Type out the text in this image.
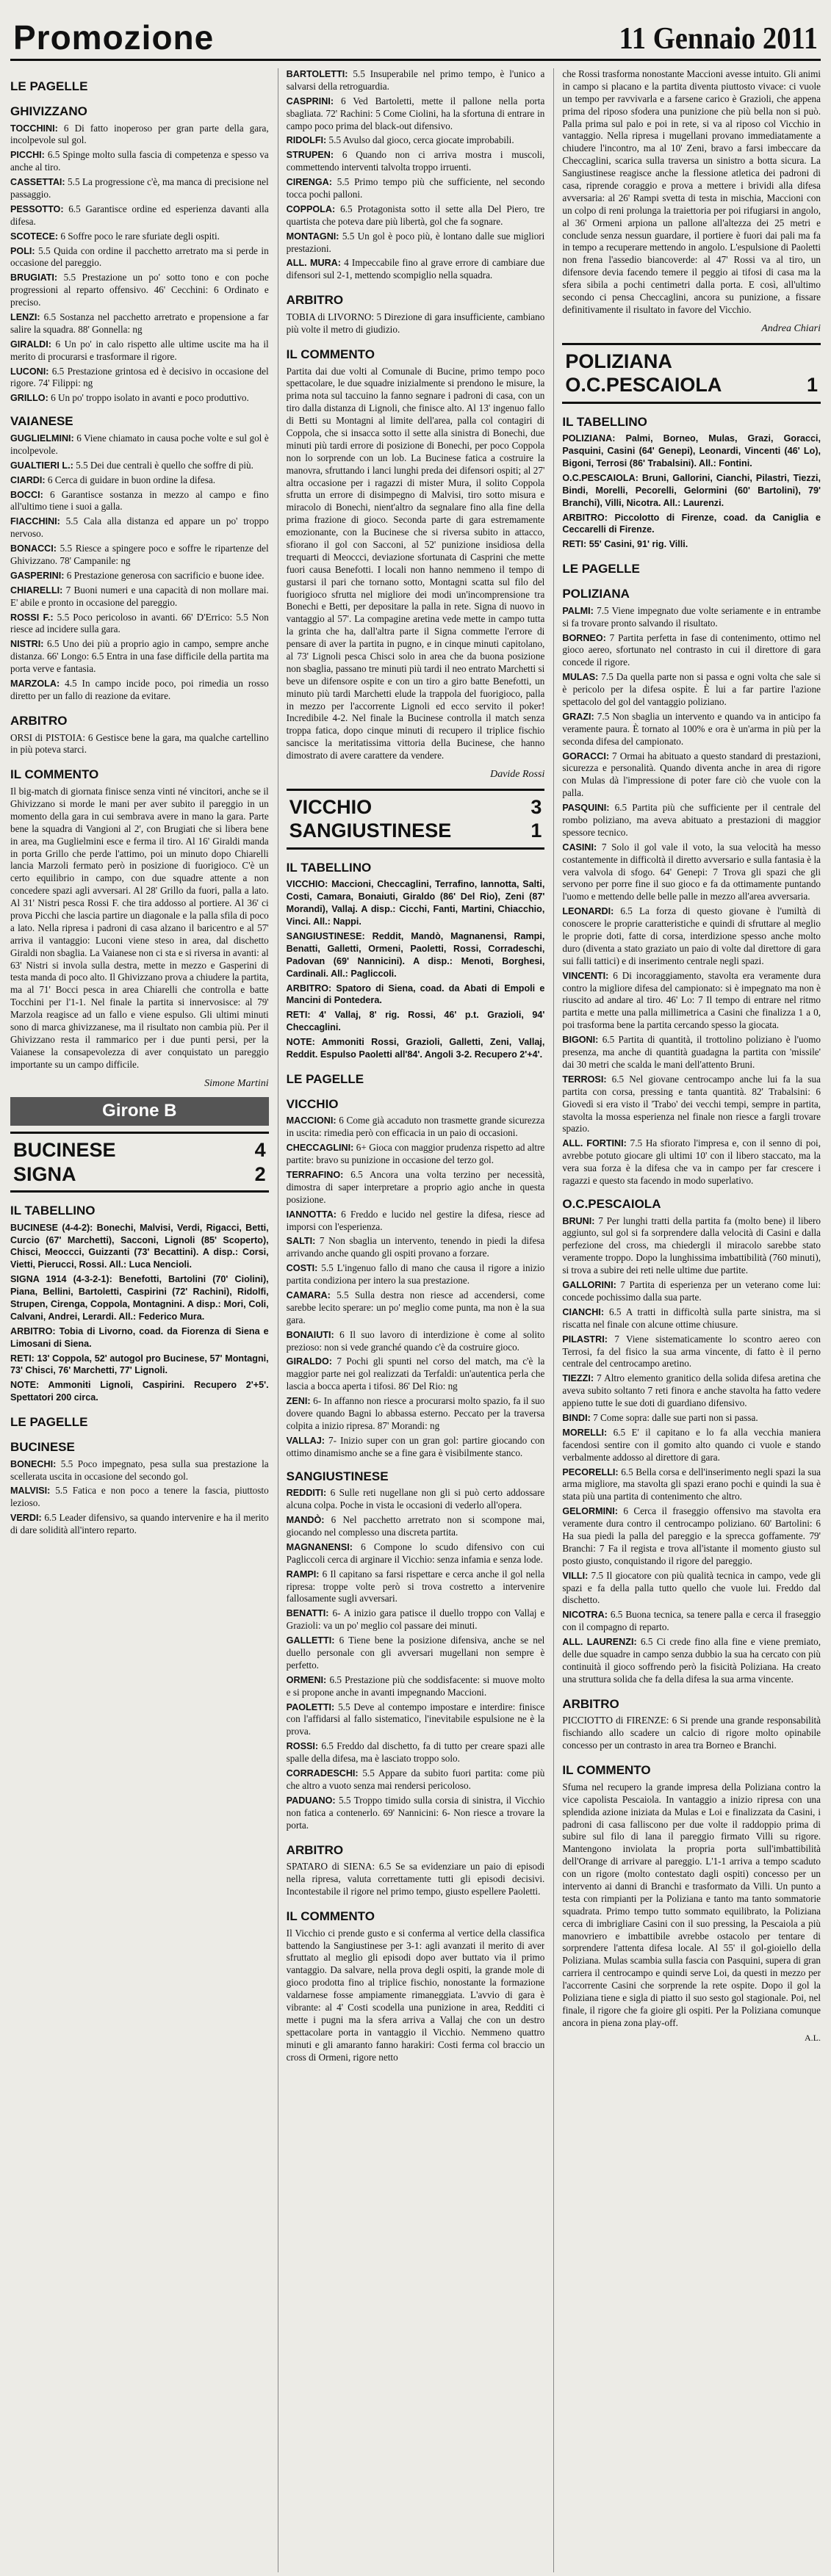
Promozione	11 Gennaio 2011
LE PAGELLE
GHIVIZZANO

TOCCHINI: 6 Di fatto inoperoso per gran parte della gara, incolpevole sul gol.

PICCHI: 6.5 Spinge molto sulla fascia di competenza e spesso va anche al tiro.

CASSETTAI: 5.5 La progressione c'è, ma manca di precisione nel passaggio.

PESSOTTO: 6.5 Garantisce ordine ed esperienza davanti alla difesa.

SCOTECE: 6 Soffre poco le rare sfuriate degli ospiti.

POLI: 5.5 Quida con ordine il pacchetto arretrato ma si perde in occasione del pareggio.

BRUGIATI: 5.5 Prestazione un po' sotto tono e con poche progressioni al reparto offensivo. 46' Cecchini: 6 Ordinato e preciso.

LENZI: 6.5 Sostanza nel pacchetto arretrato e propensione a far salire la squadra. 88' Gonnella: ng

GIRALDI: 6 Un po' in calo rispetto alle ultime uscite ma ha il merito di procurarsi e trasformare il rigore.

LUCONI: 6.5 Prestazione grintosa ed è decisivo in occasione del rigore. 74' Filippi: ng

GRILLO: 6 Un po' troppo isolato in avanti e poco produttivo.

VAIANESE

GUGLIELMINI: 6 Viene chiamato in causa poche volte e sul gol è incolpevole.

GUALTIERI L.: 5.5 Dei due centrali è quello che soffre di più.

CIARDI: 6 Cerca di guidare in buon ordine la difesa.

BOCCI: 6 Garantisce sostanza in mezzo al campo e fino all'ultimo tiene i suoi a galla.

FIACCHINI: 5.5 Cala alla distanza ed appare un po' troppo nervoso.

BONACCI: 5.5 Riesce a spingere poco e soffre le ripartenze del Ghivizzano. 78' Campanile: ng

GASPERINI: 6 Prestazione generosa con sacrificio e buone idee.

CHIARELLI: 7 Buoni numeri e una capacità di non mollare mai. E' abile e pronto in occasione del pareggio.

ROSSI F.: 5.5 Poco pericoloso in avanti. 66' D'Errico: 5.5 Non riesce ad incidere sulla gara.

NISTRI: 6.5 Uno dei più a proprio agio in campo, sempre anche distanza. 66' Longo: 6.5 Entra in una fase difficile della partita ma porta verve e fantasia.

MARZOLA: 4.5 In campo incide poco, poi rimedia un rosso diretto per un fallo di reazione da evitare.

ARBITRO

ORSI di PISTOIA: 6 Gestisce bene la gara, ma qualche cartellino in più poteva starci.

IL COMMENTO

Il big-match di giornata finisce senza vinti né vincitori, anche se il Ghivizzano si morde le mani per aver subito il pareggio in un momento della gara in cui sembrava avere in mano la gara. Parte bene la squadra di Vangioni al 2', con Brugiati che si libera bene in area, ma Guglielmini esce e ferma il tiro. Al 16' Giraldi manda in porta Grillo che perde l'attimo, poi un minuto dopo Chiarelli lancia Marzoli fermato però in posizione di fuorigioco. C'è un certo equilibrio in campo, con due squadre attente a non concedere spazi agli avversari. Al 28' Grillo da fuori, palla a lato. Al 31' Nistri pesca Rossi F. che tira addosso al portiere. Al 36' ci prova Picchi che lascia partire un diagonale e la palla sfila di poco a lato. Nella ripresa i padroni di casa alzano il baricentro e al 57' arriva il vantaggio: Luconi viene steso in area, dal dischetto Giraldi non sbaglia. La Vaianese non ci sta e si riversa in avanti: al 63' Nistri si invola sulla destra, mette in mezzo e Gasperini di testa manda di poco alto. Il Ghivizzano prova a chiudere la partita, ma al 71' Bocci pesca in area Chiarelli che controlla e batte Tocchini per l'1-1. Nel finale la partita si innervosisce: al 79' Marzola reagisce ad un fallo e viene espulso. Gli ultimi minuti sono di marca ghivizzanese, ma il risultato non cambia più. Per il Ghivizzano resta il rammarico per i due punti persi, per la Vaianese la consapevolezza di aver conquistato un pareggio importante su un campo difficile.

Simone Martini
Girone B
BUCINESE	4
SIGNA	2
IL TABELLINO

BUCINESE (4-4-2): Bonechi, Malvisi, Verdi, Rigacci, Betti, Curcio (67' Marchetti), Sacconi, Lignoli (85' Scoperto), Chisci, Meoccci, Guizzanti (73' Becattini). A disp.: Corsi, Vietti, Pierucci, Rossi. All.: Luca Nencioli.

SIGNA 1914 (4-3-2-1): Benefotti, Bartolini (70' Ciolini), Piana, Bellini, Bartoletti, Caspirini (72' Rachini), Ridolfi, Strupen, Cirenga, Coppola, Montagnini. A disp.: Mori, Coli, Calvani, Andrei, Lerardi. All.: Federico Mura.

ARBITRO: Tobia di Livorno, coad. da Fiorenza di Siena e Limosani di Siena.

RETI: 13' Coppola, 52' autogol pro Bucinese, 57' Montagni, 73' Chisci, 76' Marchetti, 77' Lignoli.

NOTE: Ammoniti Lignoli, Caspirini. Recupero 2'+5'. Spettatori 200 circa.

LE PAGELLE
BUCINESE

BONECHI: 5.5 Poco impegnato, pesa sulla sua prestazione la scellerata uscita in occasione del secondo gol.

MALVISI: 5.5 Fatica e non poco a tenere la fascia, piuttosto lezioso.

VERDI: 6.5 Leader difensivo, sa quando intervenire e ha il merito di dare solidità all'intero reparto.

BARTOLETTI: 5.5 Insuperabile nel primo tempo, è l'unico a salvarsi della retroguardia.

CASPRINI: 6 Ved Bartoletti, mette il pallone nella porta sbagliata. 72' Rachini: 5 Come Ciolini, ha la sfortuna di entrare in campo poco prima del black-out difensivo.

RIDOLFI: 5.5 Avulso dal gioco, cerca giocate improbabili.

STRUPEN: 6 Quando non ci arriva mostra i muscoli, commettendo interventi talvolta troppo irruenti.

CIRENGA: 5.5 Primo tempo più che sufficiente, nel secondo tocca pochi palloni.

COPPOLA: 6.5 Protagonista sotto il sette alla Del Piero, tre quartista che poteva dare più libertà, gol che fa sognare.

MONTAGNI: 5.5 Un gol è poco più, è lontano dalle sue migliori prestazioni.

ALL. MURA: 4 Impeccabile fino al grave errore di cambiare due difensori sul 2-1, mettendo scompiglio nella squadra.

ARBITRO

TOBIA di LIVORNO: 5 Direzione di gara insufficiente, cambiano più volte il metro di giudizio.

IL COMMENTO

Partita dai due volti al Comunale di Bucine, primo tempo poco spettacolare, le due squadre inizialmente si prendono le misure, la prima nota sul taccuino la fanno segnare i padroni di casa, con un tiro dalla distanza di Lignoli, che finisce alto. Al 13' ingenuo fallo di Betti su Montagni al limite dell'area, palla col contagiri di Coppola, che si insacca sotto il sette alla sinistra di Bonechi, due minuti più tardi errore di posizione di Bonechi, per poco Coppola non lo sorprende con un lob. La Bucinese fatica a costruire la manovra, sfruttando i lanci lunghi preda dei difensori ospiti; al 27' altra occasione per i ragazzi di mister Mura, il solito Coppola sfrutta un errore di disimpegno di Malvisi, tiro sotto misura e miracolo di Bonechi, nient'altro da segnalare fino alla fine della prima frazione di gioco. Seconda parte di gara estremamente emozionante, con la Bucinese che si riversa subito in attacco, sfiorano il gol con Sacconi, al 52' punizione insidiosa della trequarti di Meoccci, deviazione sfortunata di Casprini che mette fuori causa Benefotti. I locali non hanno nemmeno il tempo di gustarsi il pari che tornano sotto, Montagni scatta sul filo del fuorigioco sfrutta nel migliore dei modi un'incomprensione tra Bonechi e Betti, per depositare la palla in rete. Signa di nuovo in vantaggio al 57'. La compagine aretina vede mette in campo tutta la grinta che ha, dall'altra parte il Signa commette l'errore di pensare di aver la partita in pugno, e in cinque minuti capitolano, al 73' Lignoli pesca Chisci solo in area che da buona posizione non sbaglia, passano tre minuti più tardi il neo entrato Marchetti si beve un difensore ospite e con un tiro a giro batte Benefotti, un minuto più tardi Marchetti elude la trappola del fuorigioco, palla in mezzo per l'accorrente Lignoli ed ecco servito il poker! Incredibile 4-2. Nel finale la Bucinese controlla il match senza troppa fatica, dopo cinque minuti di recupero il triplice fischio sancisce la meritatissima vittoria della Bucinese, che hanno dimostrato di avere carattere da vendere.

Davide Rossi
VICCHIO	3
SANGIUSTINESE	1
IL TABELLINO

VICCHIO: Maccioni, Checcaglini, Terrafino, Iannotta, Salti, Costi, Camara, Bonaiuti, Giraldo (86' Del Rio), Zeni (87' Morandi), Vallaj. A disp.: Cicchi, Fanti, Martini, Chiacchio, Vinci. All.: Nappi.

SANGIUSTINESE: Reddit, Mandò, Magnanensi, Rampi, Benatti, Galletti, Ormeni, Paoletti, Rossi, Corradeschi, Padovan (69' Nannicini). A disp.: Menoti, Borghesi, Cardinali. All.: Pagliccoli.

ARBITRO: Spatoro di Siena, coad. da Abati di Empoli e Mancini di Pontedera.

RETI: 4' Vallaj, 8' rig. Rossi, 46' p.t. Grazioli, 94' Checcaglini.

NOTE: Ammoniti Rossi, Grazioli, Galletti, Zeni, Vallaj, Reddit. Espulso Paoletti all'84'. Angoli 3-2. Recupero 2'+4'.

LE PAGELLE
VICCHIO

MACCIONI: 6 Come già accaduto non trasmette grande sicurezza in uscita: rimedia però con efficacia in un paio di occasioni.

CHECCAGLINI: 6+ Gioca con maggior prudenza rispetto ad altre partite: bravo su punizione in occasione del terzo gol.

TERRAFINO: 6.5 Ancora una volta terzino per necessità, dimostra di saper interpretare a proprio agio anche in questa posizione.

IANNOTTA: 6 Freddo e lucido nel gestire la difesa, riesce ad imporsi con l'esperienza.

SALTI: 7 Non sbaglia un intervento, tenendo in piedi la difesa arrivando anche quando gli ospiti provano a forzare.

COSTI: 5.5 L'ingenuo fallo di mano che causa il rigore a inizio partita condiziona per intero la sua prestazione.

CAMARA: 5.5 Sulla destra non riesce ad accendersi, come sarebbe lecito sperare: un po' meglio come punta, ma non è la sua gara.

BONAIUTI: 6 Il suo lavoro di interdizione è come al solito prezioso: non si vede granché quando c'è da costruire gioco.

GIRALDO: 7 Pochi gli spunti nel corso del match, ma c'è la maggior parte nei gol realizzati da Terfaldi: un'autentica perla che lascia a bocca aperta i tifosi. 86' Del Rio: ng

ZENI: 6- In affanno non riesce a procurarsi molto spazio, fa il suo dovere quando Bagni lo abbassa esterno. Peccato per la traversa colpita a inizio ripresa. 87' Morandi: ng

VALLAJ: 7- Inizio super con un gran gol: partire giocando con ottimo dinamismo anche se a fine gara è visibilmente stanco.

SANGIUSTINESE

REDDITI: 6 Sulle reti nugellane non gli si può certo addossare alcuna colpa. Poche in vista le occasioni di vederlo all'opera.

MANDÒ: 6 Nel pacchetto arretrato non si scompone mai, giocando nel complesso una discreta partita.

MAGNANENSI: 6 Compone lo scudo difensivo con cui Pagliccoli cerca di arginare il Vicchio: senza infamia e senza lode.

RAMPI: 6 Il capitano sa farsi rispettare e cerca anche il gol nella ripresa: troppe volte però si trova costretto a intervenire fallosamente sugli avversari.

BENATTI: 6- A inizio gara patisce il duello troppo con Vallaj e Grazioli: va un po' meglio col passare dei minuti.

GALLETTI: 6 Tiene bene la posizione difensiva, anche se nel duello personale con gli avversari mugellani non sempre è perfetto.

ORMENI: 6.5 Prestazione più che soddisfacente: si muove molto e si propone anche in avanti impegnando Maccioni.

PAOLETTI: 5.5 Deve al contempo impostare e interdire: finisce con l'affidarsi al fallo sistematico, l'inevitabile espulsione ne è la prova.

ROSSI: 6.5 Freddo dal dischetto, fa di tutto per creare spazi alle spalle della difesa, ma è lasciato troppo solo.

CORRADESCHI: 5.5 Appare da subito fuori partita: come più che altro a vuoto senza mai rendersi pericoloso.

PADUANO: 5.5 Troppo timido sulla corsia di sinistra, il Vicchio non fatica a contenerlo. 69' Nannicini: 6- Non riesce a trovare la porta.

ARBITRO

SPATARO di SIENA: 6.5 Se sa evidenziare un paio di episodi nella ripresa, valuta correttamente tutti gli episodi decisivi. Incontestabile il rigore nel primo tempo, giusto espellere Paoletti.

IL COMMENTO

Il Vicchio ci prende gusto e si conferma al vertice della classifica battendo la Sangiustinese per 3-1: agli avanzati il merito di aver sfruttato al meglio gli episodi dopo aver buttato via il primo vantaggio. Da salvare, nella prova degli ospiti, la grande mole di gioco prodotta fino al triplice fischio, nonostante la formazione valdarnese fosse ampiamente rimaneggiata. L'avvio di gara è vibrante: al 4' Costi scodella una punizione in area, Redditi ci mette i pugni ma la sfera arriva a Vallaj che con un destro spettacolare porta in vantaggio il Vicchio. Nemmeno quattro minuti e gli amaranto fanno harakiri: Costi ferma col braccio un cross di Ormeni, rigore netto

che Rossi trasforma nonostante Maccioni avesse intuito. Gli animi in campo si placano e la partita diventa piuttosto vivace: ci vuole un tempo per ravvivarla e a farsene carico è Grazioli, che appena prima del riposo sfodera una punizione che più bella non si può. Palla prima sul palo e poi in rete, si va al riposo col Vicchio in vantaggio. Nella ripresa i mugellani provano immediatamente a chiudere l'incontro, ma al 10' Zeni, bravo a farsi imbeccare da Checcaglini, scarica sulla traversa un sinistro a botta sicura. La Sangiustinese reagisce anche la flessione atletica dei padroni di casa, riprende coraggio e prova a mettere i brividi alla difesa avversaria: al 26' Rampi svetta di testa in mischia, Maccioni con un colpo di reni prolunga la traiettoria per poi rifugiarsi in angolo, al 36' Ormeni arpiona un pallone all'altezza dei 25 metri e conclude senza nessun guardare, il portiere è fuori dai pali ma fa in tempo a recuperare mettendo in angolo. L'espulsione di Paoletti non frena l'assedio biancoverde: al 47' Rossi va al tiro, un difensore devia facendo temere il peggio ai tifosi di casa ma la sfera sibila a pochi centimetri dalla porta. E così, all'ultimo secondo ci pensa Checcaglini, ancora su punizione, a fissare definitivamente il risultato in favore del Vicchio.

Andrea Chiari
POLIZIANA
O.C.PESCAIOLA	1
IL TABELLINO

POLIZIANA: Palmi, Borneo, Mulas, Grazi, Goracci, Pasquini, Casini (64' Genepi), Leonardi, Vincenti (46' Lo), Bigoni, Terrosi (86' Trabalsini). All.: Fontini.

O.C.PESCAIOLA: Bruni, Gallorini, Cianchi, Pilastri, Tiezzi, Bindi, Morelli, Pecorelli, Gelormini (60' Bartolini), 79' Branchi), Villi, Nicotra. All.: Laurenzi.

ARBITRO: Piccolotto di Firenze, coad. da Caniglia e Ceccarelli di Firenze.

RETI: 55' Casini, 91' rig. Villi.

LE PAGELLE
POLIZIANA

PALMI: 7.5 Viene impegnato due volte seriamente e in entrambe si fa trovare pronto salvando il risultato.

BORNEO: 7 Partita perfetta in fase di contenimento, ottimo nel gioco aereo, sfortunato nel contrasto in cui il direttore di gara concede il rigore.

MULAS: 7.5 Da quella parte non si passa e ogni volta che sale si è pericolo per la difesa ospite. È lui a far partire l'azione spettacolo del gol del vantaggio poliziano.

GRAZI: 7.5 Non sbaglia un intervento e quando va in anticipo fa veramente paura. È tornato al 100% e ora è un'arma in più per la seconda difesa del campionato.

GORACCI: 7 Ormai ha abituato a questo standard di prestazioni, sicurezza e personalità. Quando diventa anche in area di rigore con Mulas dà l'impressione di poter fare ciò che vuole con la palla.

PASQUINI: 6.5 Partita più che sufficiente per il centrale del rombo poliziano, ma aveva abituato a prestazioni di maggior spessore tecnico.

CASINI: 7 Solo il gol vale il voto, la sua velocità ha messo costantemente in difficoltà il diretto avversario e sulla fantasia è la vera valvola di sfogo. 64' Genepi: 7 Trova gli spazi che gli servono per porre fine il suo gioco e fa da ottimamente puntando l'uomo e mettendo delle belle palle in mezzo all'area avversaria.

LEONARDI: 6.5 La forza di questo giovane è l'umiltà di conoscere le proprie caratteristiche e quindi di sfruttare al meglio le proprie doti, fatte di corsa, interdizione spesso anche molto duro (diventa a stato graziato un paio di volte dal direttore di gara sui falli tattici) e di inserimento centrale negli spazi.

VINCENTI: 6 Di incoraggiamento, stavolta era veramente dura contro la migliore difesa del campionato: si è impegnato ma non è riuscito ad andare al tiro. 46' Lo: 7 Il tempo di entrare nel ritmo partita e mette una palla millimetrica a Casini che finalizza 1 a 0, poi trasforma bene la partita cercando spesso la giocata.

BIGONI: 6.5 Partita di quantità, il trottolino poliziano è l'uomo presenza, ma anche di quantità guadagna la partita con 'missile' dai 30 metri che scalda le mani dell'attento Bruni.

TERROSI: 6.5 Nel giovane centrocampo anche lui fa la sua partita con corsa, pressing e tanta quantità. 82' Trabalsini: 6 Giovedì si era visto il 'Trabo' dei vecchi tempi, sempre in partita, stavolta la mossa esperienza nel finale non riesce a fargli trovare spazio.

ALL. FORTINI: 7.5 Ha sfiorato l'impresa e, con il senno di poi, avrebbe potuto giocare gli ultimi 10' con il libero staccato, ma la vera sua forza è la difesa che va in campo per far crescere i ragazzi e questo sta facendo in modo superlativo.

O.C.PESCAIOLA

BRUNI: 7 Per lunghi tratti della partita fa (molto bene) il libero aggiunto, sul gol si fa sorprendere dalla velocità di Casini e dalla perfezione del cross, ma chiedergli il miracolo sarebbe stato veramente troppo. Dopo la lunghissima imbattibilità (760 minuti), si trova a subire dei reti nelle ultime due partite.

GALLORINI: 7 Partita di esperienza per un veterano come lui: concede pochissimo dalla sua parte.

CIANCHI: 6.5 A tratti in difficoltà sulla parte sinistra, ma si riscatta nel finale con alcune ottime chiusure.

PILASTRI: 7 Viene sistematicamente lo scontro aereo con Terrosi, fa del fisico la sua arma vincente, di fatto è il perno centrale del centrocampo aretino.

TIEZZI: 7 Altro elemento granitico della solida difesa aretina che aveva subito soltanto 7 reti finora e anche stavolta ha fatto vedere appieno tutte le sue doti di guardiano difensivo.

BINDI: 7 Come sopra: dalle sue parti non si passa.

MORELLI: 6.5 E' il capitano e lo fa alla vecchia maniera facendosi sentire con il gomito alto quando ci vuole e stando verbalmente addosso al direttore di gara.

PECORELLI: 6.5 Bella corsa e dell'inserimento negli spazi la sua arma migliore, ma stavolta gli spazi erano pochi e quindi la sua è stata più una partita di contenimento che altro.

GELORMINI: 6 Cerca il fraseggio offensivo ma stavolta era veramente dura contro il centrocampo poliziano. 60' Bartolini: 6 Ha sua piedi la palla del pareggio e la sprecca goffamente. 79' Branchi: 7 Fa il regista e trova all'istante il momento giusto sul posto giusto, conquistando il rigore del pareggio.

VILLI: 7.5 Il giocatore con più qualità tecnica in campo, vede gli spazi e fa della palla tutto quello che vuole lui. Freddo dal dischetto.

NICOTRA: 6.5 Buona tecnica, sa tenere palla e cerca il fraseggio con il compagno di reparto.

ALL. LAURENZI: 6.5 Ci crede fino alla fine e viene premiato, delle due squadre in campo senza dubbio la sua ha cercato con più continuità il gioco soffrendo però la fisicità Poliziana. Ha creato una struttura solida che fa della difesa la sua arma vincente.

ARBITRO

PICCIOTTO di FIRENZE: 6 Si prende una grande responsabilità fischiando allo scadere un calcio di rigore molto opinabile concesso per un contrasto in area tra Borneo e Branchi.

IL COMMENTO

Sfuma nel recupero la grande impresa della Poliziana contro la vice capolista Pescaiola. In vantaggio a inizio ripresa con una splendida azione iniziata da Mulas e Loi e finalizzata da Casini, i padroni di casa falliscono per due volte il raddoppio prima di subire sul filo di lana il pareggio firmato Villi su rigore. Mantengono inviolata la propria porta sull'imbattibilità dell'Orange di arrivare al pareggio. L'1-1 arriva a tempo scaduto con un rigore (molto contestato dagli ospiti) concesso per un intervento ai danni di Branchi e trasformato da Villi. Un punto a testa con rimpianti per la Poliziana e tanto ma tanto sommatorie squadrata. Primo tempo tutto sommato equilibrato, la Poliziana cerca di imbrigliare Casini con il suo pressing, la Pescaiola a più manovriero e imbattibile avrebbe ostacolo per tentare di sorprendere l'attenta difesa locale. Al 55' il gol-gioiello della Poliziana. Mulas scambia sulla fascia con Pasquini, supera di gran carriera il centrocampo e quindi serve Loi, da questi in mezzo per l'accorrente Casini che sorprende la rete ospite. Dopo il gol la Poliziana tiene e sigla di piatto il suo sesto gol stagionale. Poi, nel finale, il rigore che fa gioire gli ospiti. Per la Poliziana comunque ancora in piena zona play-off.

A.L.
